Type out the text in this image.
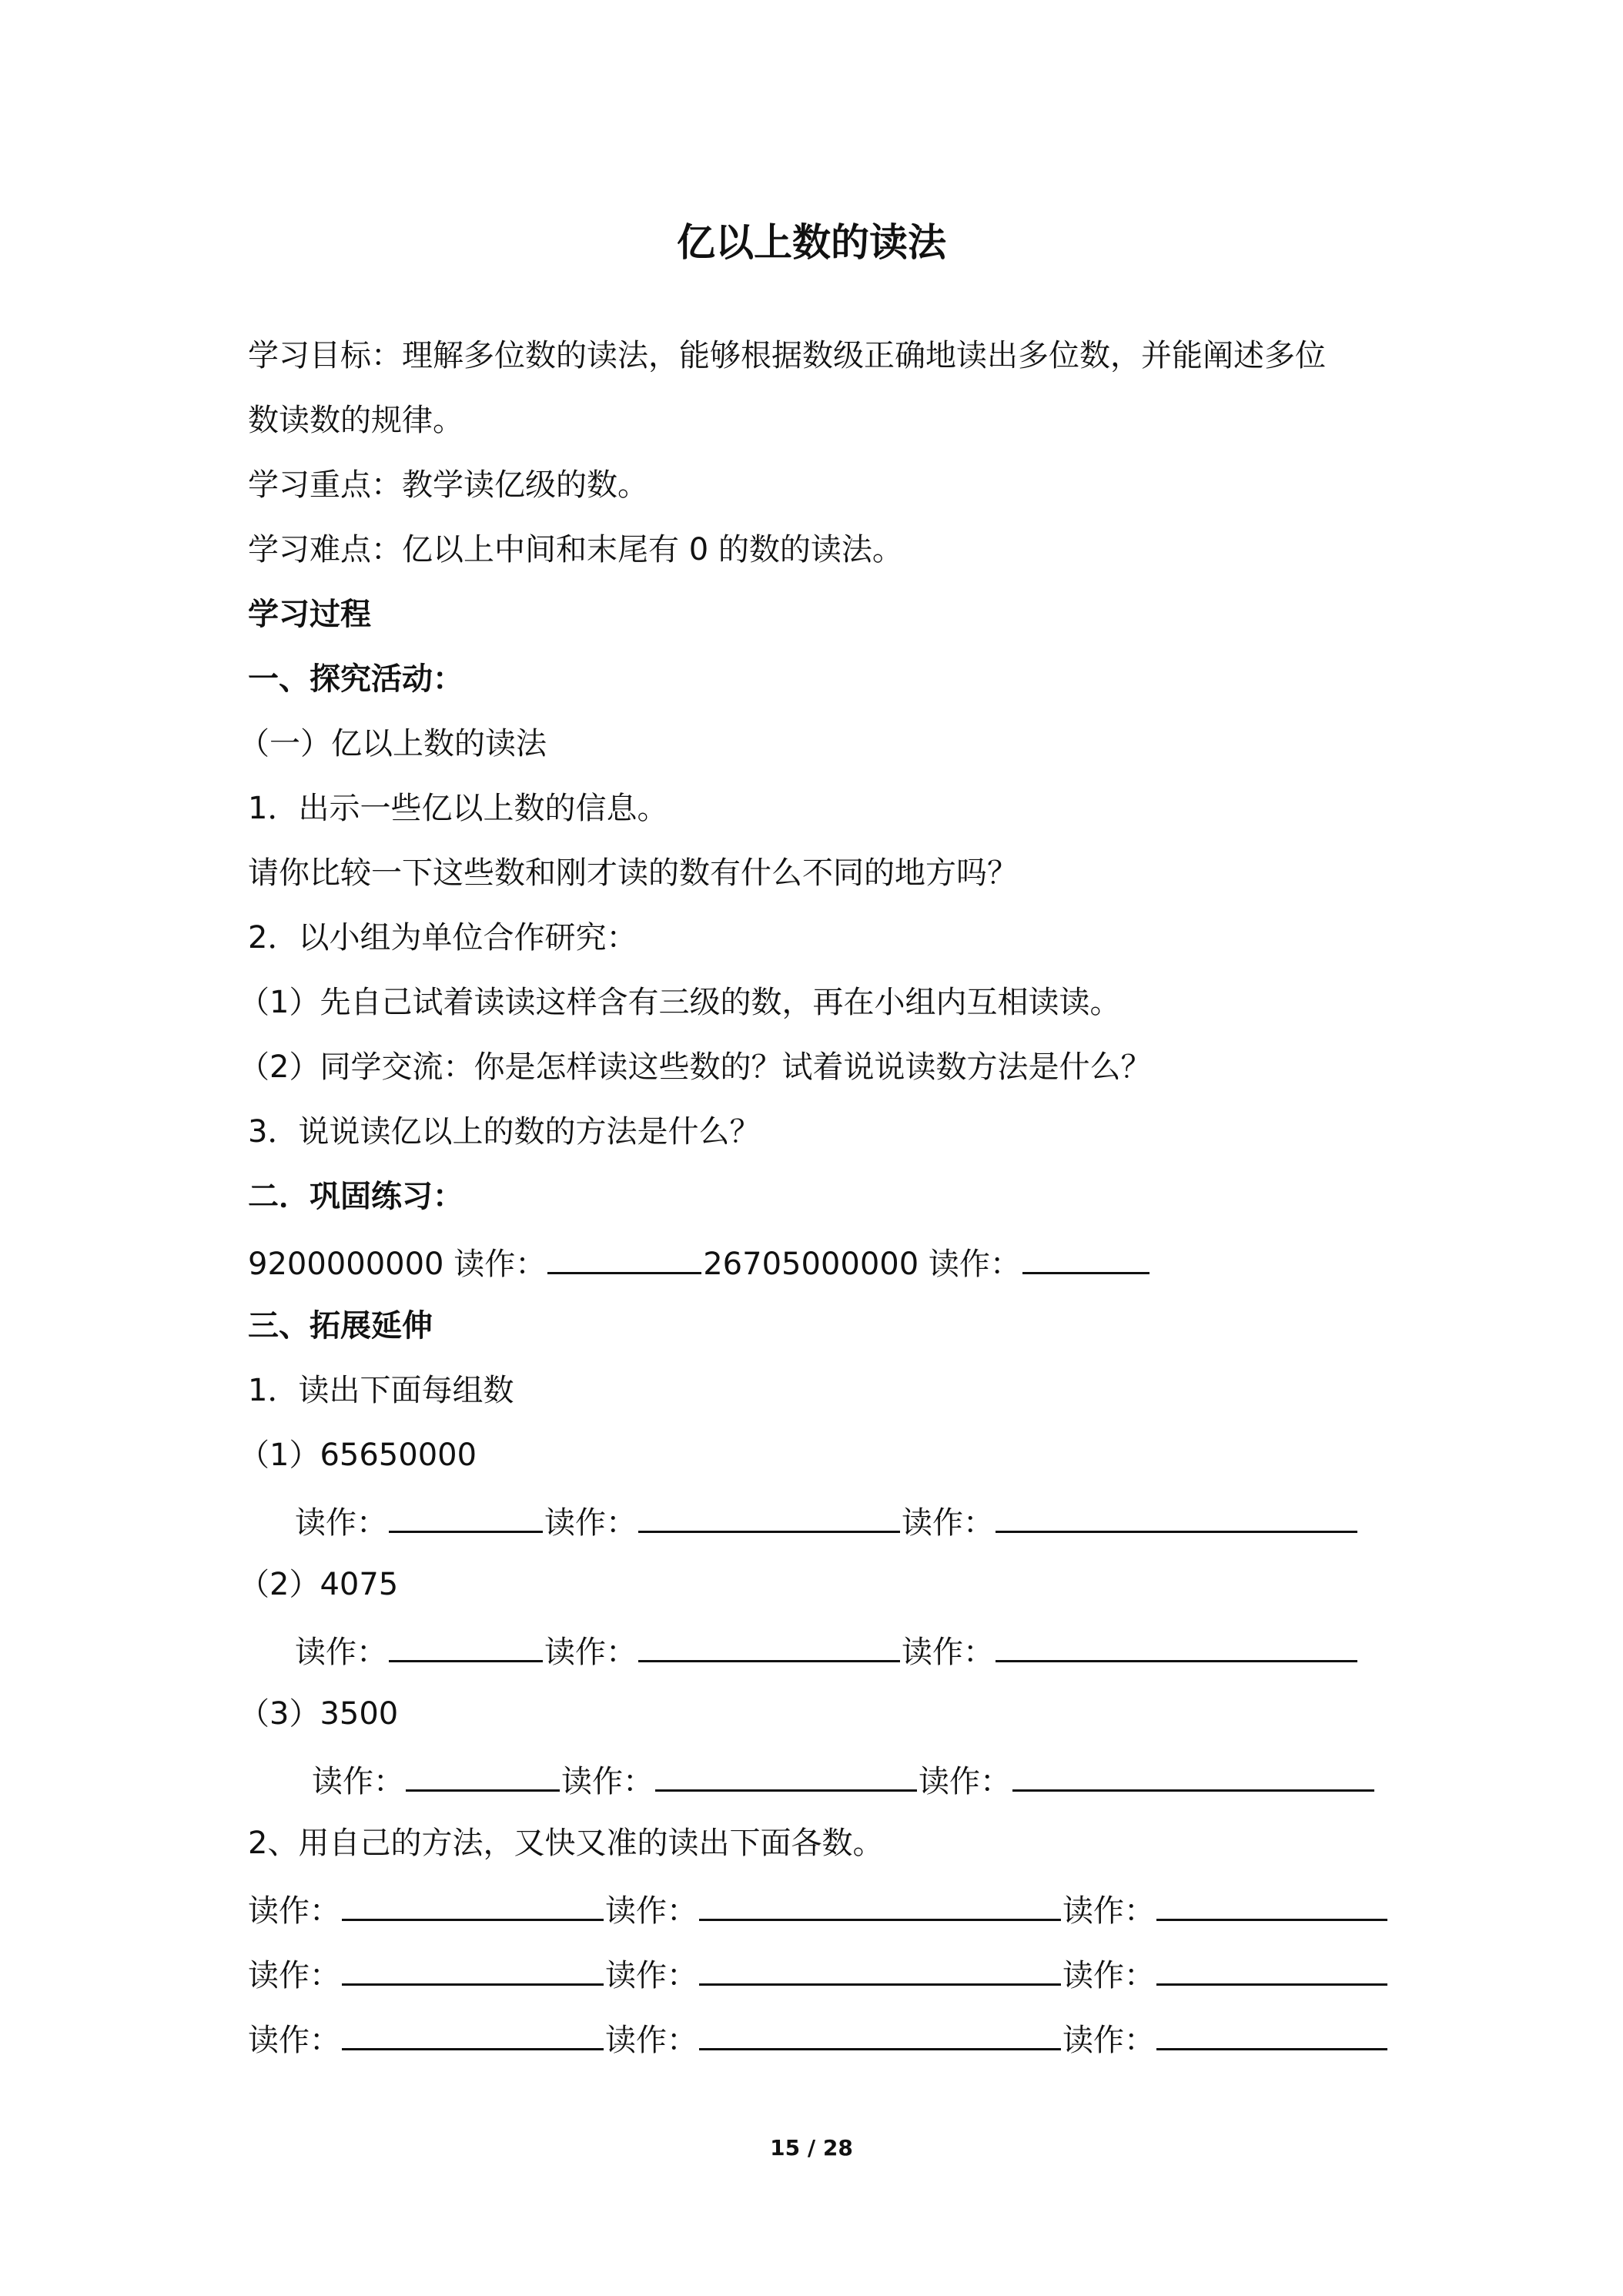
亿以上数的读法
学习目标：理解多位数的读法，能够根据数级正确地读出多位数，并能阐述多位
数读数的规律。
学习重点：教学读亿级的数。
学习难点：亿以上中间和末尾有 0 的数的读法。
学习过程
一、探究活动：
（一）亿以上数的读法
1．出示一些亿以上数的信息。
请你比较一下这些数和刚才读的数有什么不同的地方吗？
2．以小组为单位合作研究：
（1）先自己试着读读这样含有三级的数，再在小组内互相读读。
（2）同学交流：你是怎样读这些数的？试着说说读数方法是什么？
3．说说读亿以上的数的方法是什么？
二．巩固练习：
9200000000 读作：	26705000000 读作：
三、拓展延伸
1．读出下面每组数
（1）65650000
读作：	读作：	读作：
（2）4075
读作：	读作：	读作：
（3）3500
读作：	读作：	读作：
2、用自己的方法，又快又准的读出下面各数。
读作：	读作：	读作：
读作：	读作：	读作：
读作：	读作：	读作：
15 / 28
